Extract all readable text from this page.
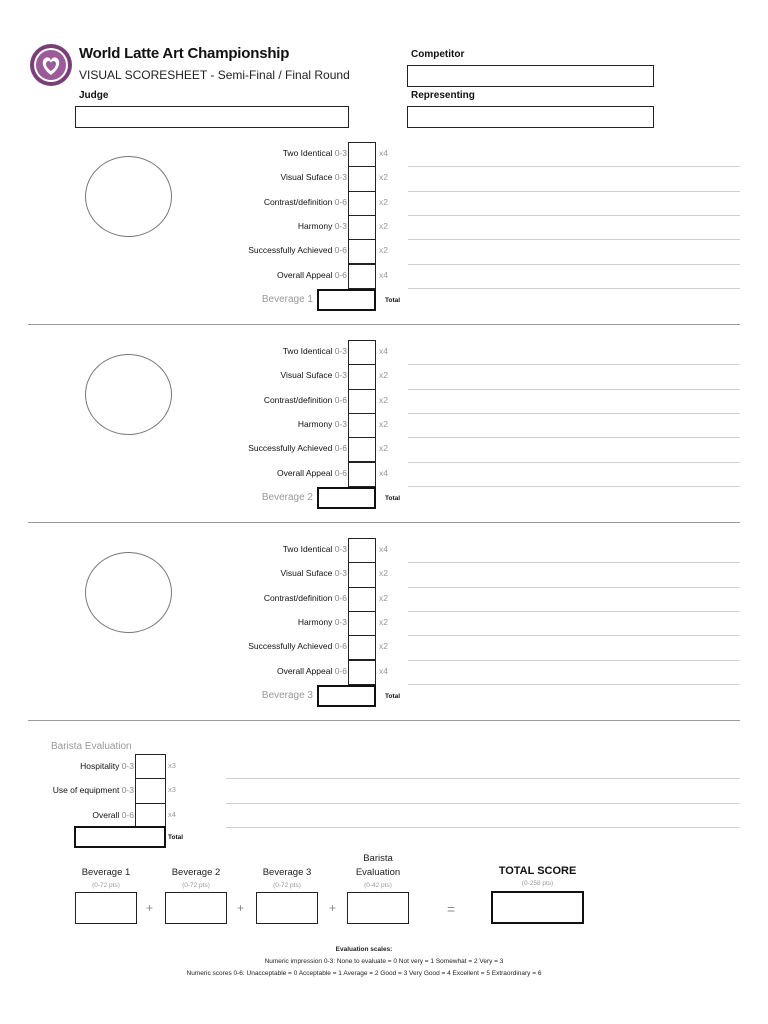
World Latte Art Championship
VISUAL SCORESHEET - Semi-Final / Final Round
Judge
Competitor
Representing
Two Identical 0-3	x4
Visual Suface 0-3	x2
Contrast/definition 0-6	x2
Harmony 0-3	x2
Successfully Achieved 0-6	x2
Overall Appeal 0-6	x4
Beverage 1	Total
Two Identical 0-3	x4
Visual Suface 0-3	x2
Contrast/definition 0-6	x2
Harmony 0-3	x2
Successfully Achieved 0-6	x2
Overall Appeal 0-6	x4
Beverage 2	Total
Two Identical 0-3	x4
Visual Suface 0-3	x2
Contrast/definition 0-6	x2
Harmony 0-3	x2
Successfully Achieved 0-6	x2
Overall Appeal 0-6	x4
Beverage 3	Total
Barista Evaluation
Hospitality 0-3	x3
Use of equipment 0-3	x3
Overall 0-6	x4
Total
Beverage 1
(0-72 pts)
+
Beverage 2
(0-72 pts)
+
Beverage 3
(0-72 pts)
+
Barista
Evaluation
(0-42 pts)
=
TOTAL SCORE
(0-258 pts)
Evaluation scales:
Numeric impression 0-3: None to evaluate = 0 Not very = 1 Somewhat = 2 Very = 3
Numeric scores 0-6: Unacceptable = 0 Acceptable = 1 Average = 2 Good = 3 Very Good = 4 Excellent = 5 Extraordinary = 6
